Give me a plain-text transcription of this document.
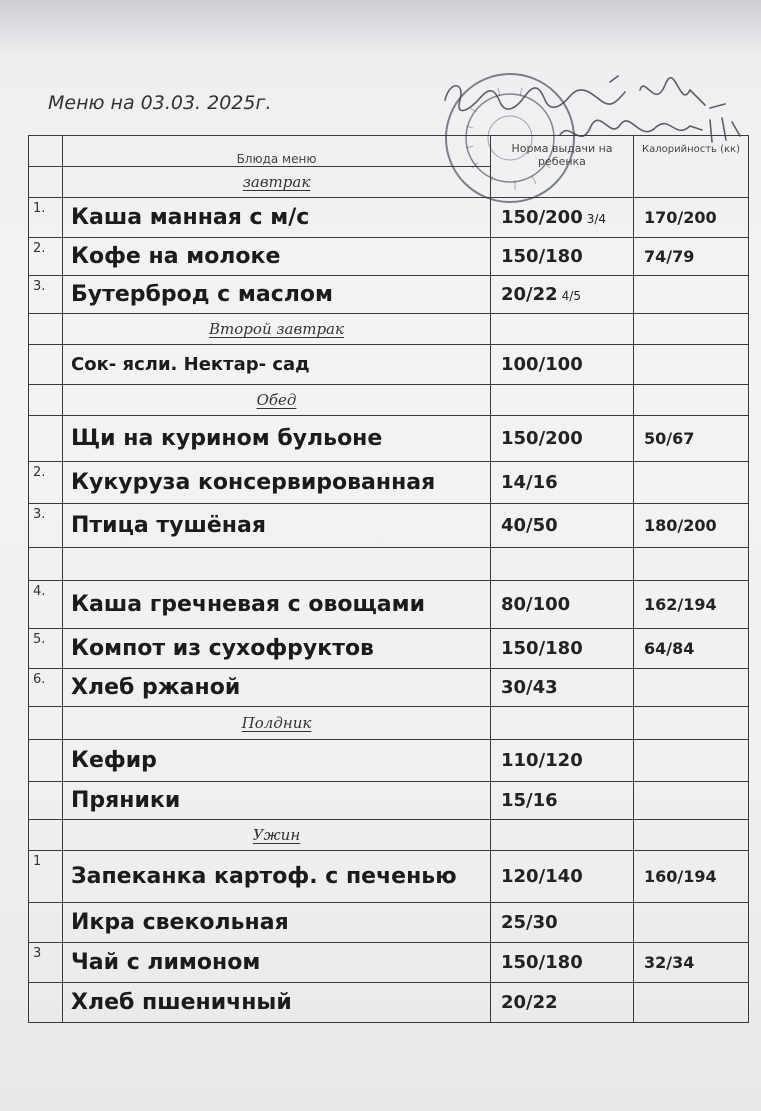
Меню на 03.03. 2025г.
	Блюда меню	Норма выдачи на ребенка	Калорийность (кк)
	завтрак		
1.	Каша манная с м/с	150/200 3/4	170/200
2.	Кофе на молоке	150/180	74/79
3.	Бутерброд с маслом	20/22 4/5	
	Второй завтрак		
	Сок- ясли. Нектар- сад	100/100	
	Обед		
	Щи на курином бульоне	150/200	50/67
2.	Кукуруза консервированная	14/16	
3.	Птица тушёная	40/50	180/200

4.	Каша гречневая с овощами	80/100	162/194
5.	Компот из сухофруктов	150/180	64/84
6.	Хлеб ржаной	30/43	
	Полдник		
	Кефир	110/120	
	Пряники	15/16	
	Ужин		
1	Запеканка картоф. с печенью	120/140	160/194
	Икра свекольная	25/30	
3	Чай с лимоном	150/180	32/34
	Хлеб пшеничный	20/22	
